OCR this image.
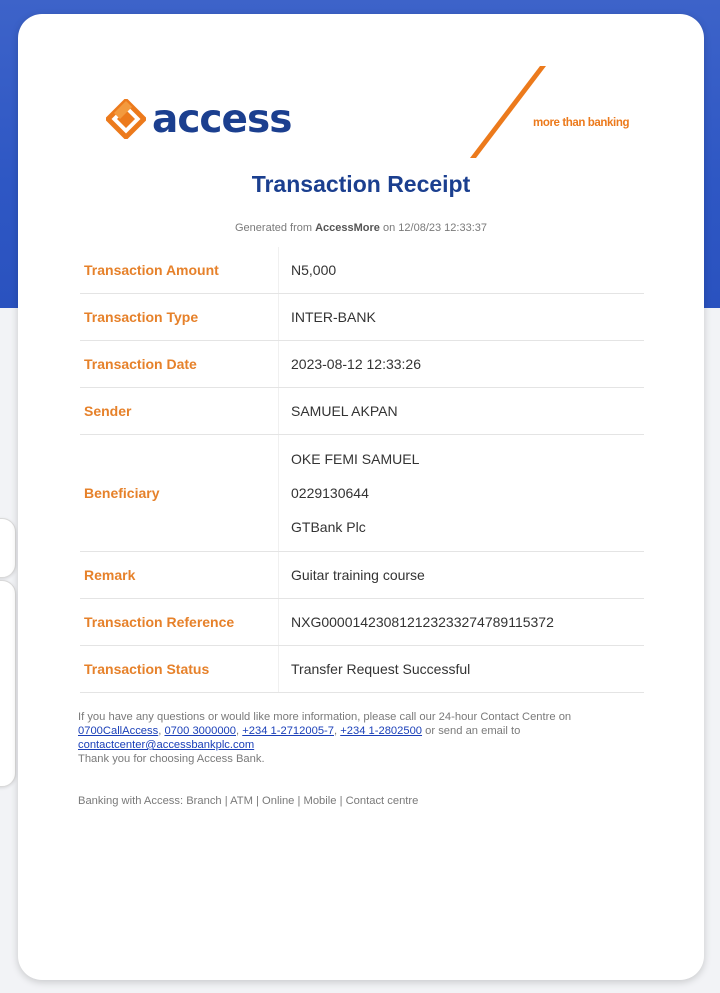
access	more than banking
Transaction Receipt
Generated from AccessMore on 12/08/23 12:33:37
Transaction Amount	N5,000
Transaction Type	INTER-BANK
Transaction Date	2023-08-12 12:33:26
Sender	SAMUEL AKPAN
Beneficiary	OKE FEMI SAMUEL
0229130644
GTBank Plc

Remark	Guitar training course
Transaction Reference	NXG000014230812123233274789115372
Transaction Status	Transfer Request Successful
If you have any questions or would like more information, please call our 24-hour Contact Centre on
0700CallAccess, 0700 3000000, +234 1-2712005-7, +234 1-2802500 or send an email to
contactcenter@accessbankplc.com
Thank you for choosing Access Bank.
Banking with Access: Branch | ATM | Online | Mobile | Contact centre
